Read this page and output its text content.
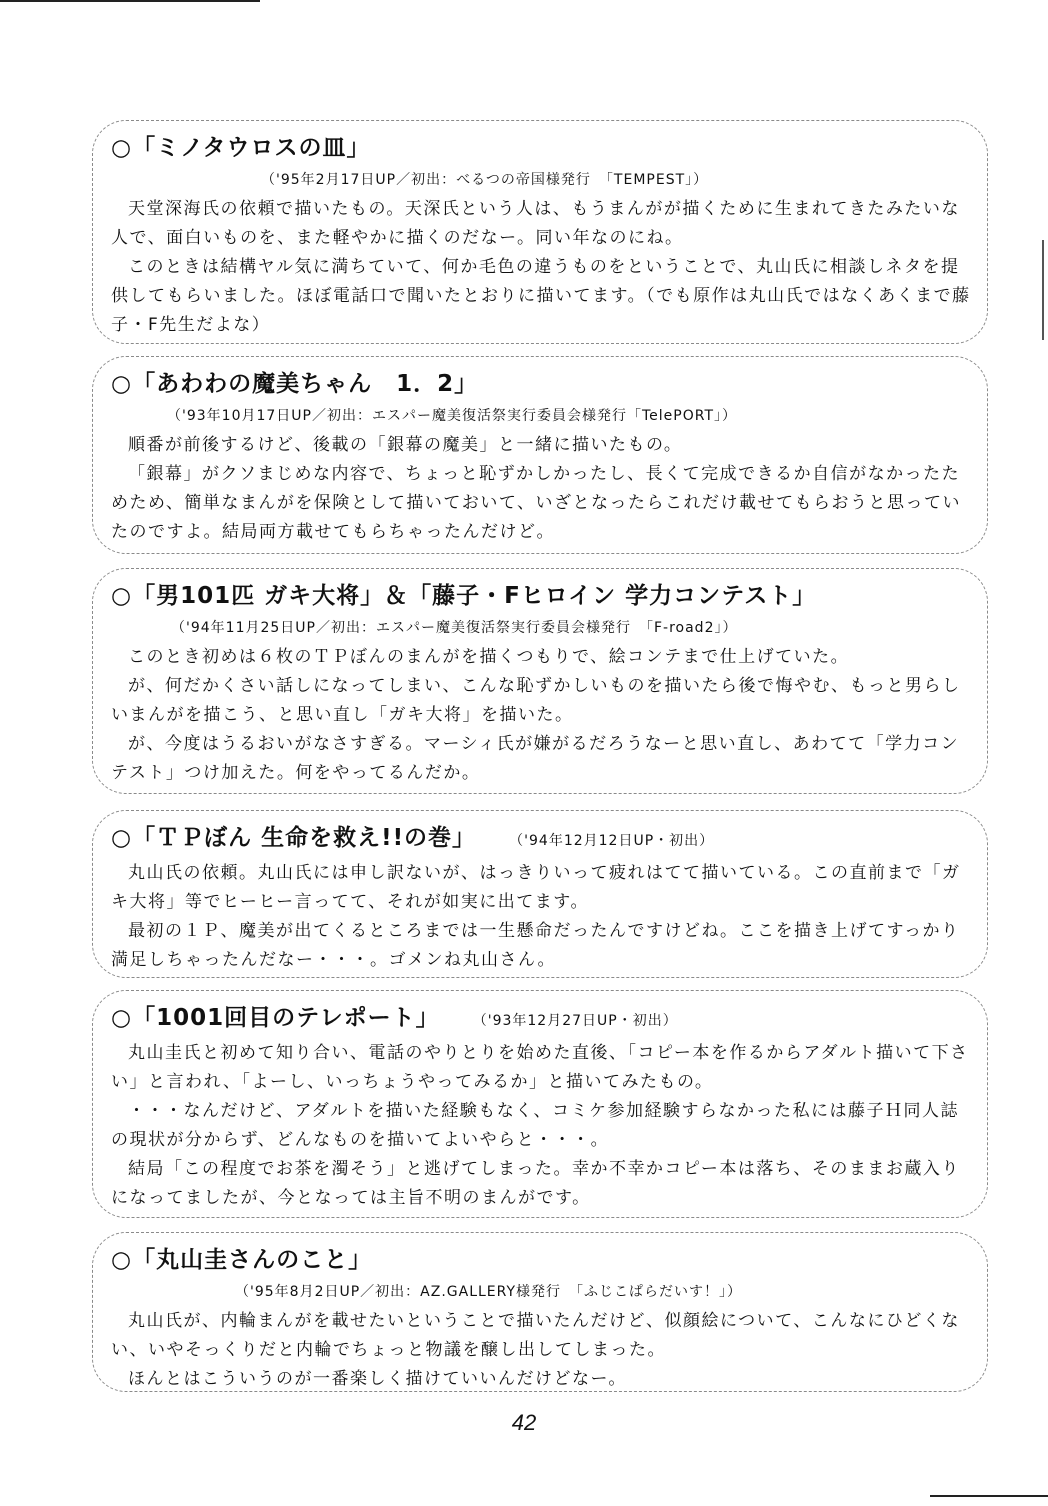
○「ミノタウロスの皿」
（'95年2月17日UP／初出：べるつの帝国様発行　「TEMPEST」）

天堂深海氏の依頼で描いたもの。天深氏という人は、もうまんがが描くために生まれてきたみたいな人で、面白いものを、また軽やかに描くのだなー。同い年なのにね。

このときは結構ヤル気に満ちていて、何か毛色の違うものをということで、丸山氏に相談しネタを提供してもらいました。ほぼ電話口で聞いたとおりに描いてます。（でも原作は丸山氏ではなくあくまで藤子・F先生だよな）

○「あわわの魔美ちゃん　1．2」
（'93年10月17日UP／初出：エスパー魔美復活祭実行委員会様発行「TelePORT」）

順番が前後するけど、後載の「銀幕の魔美」と一緒に描いたもの。

「銀幕」がクソまじめな内容で、ちょっと恥ずかしかったし、長くて完成できるか自信がなかったためため、簡単なまんがを保険として描いておいて、いざとなったらこれだけ載せてもらおうと思っていたのですよ。結局両方載せてもらちゃったんだけど。

○「男101匹 ガキ大将」＆「藤子・Fヒロイン 学力コンテスト」
（'94年11月25日UP／初出：エスパー魔美復活祭実行委員会様発行　「F-road2」）

このとき初めは６枚のＴＰぼんのまんがを描くつもりで、絵コンテまで仕上げていた。

が、何だかくさい話しになってしまい、こんな恥ずかしいものを描いたら後で悔やむ、もっと男らしいまんがを描こう、と思い直し「ガキ大将」を描いた。

が、今度はうるおいがなさすぎる。マーシィ氏が嫌がるだろうなーと思い直し、あわてて「学力コンテスト」つけ加えた。何をやってるんだか。

○「ＴＰぼん 生命を救え!!の巻」 （'94年12月12日UP・初出）

丸山氏の依頼。丸山氏には申し訳ないが、はっきりいって疲れはてて描いている。この直前まで「ガキ大将」等でヒーヒー言ってて、それが如実に出てます。

最初の１Ｐ、魔美が出てくるところまでは一生懸命だったんですけどね。ここを描き上げてすっかり満足しちゃったんだなー・・・。ゴメンね丸山さん。

○「1001回目のテレポート」 （'93年12月27日UP・初出）

丸山圭氏と初めて知り合い、電話のやりとりを始めた直後、「コピー本を作るからアダルト描いて下さい」と言われ、「よーし、いっちょうやってみるか」と描いてみたもの。

・・・なんだけど、アダルトを描いた経験もなく、コミケ参加経験すらなかった私には藤子Ｈ同人誌の現状が分からず、どんなものを描いてよいやらと・・・。

結局「この程度でお茶を濁そう」と逃げてしまった。幸か不幸かコピー本は落ち、そのままお蔵入りになってましたが、今となっては主旨不明のまんがです。

○「丸山圭さんのこと」
（'95年8月2日UP／初出：AZ.GALLERY様発行　「ふじこぱらだいす！」）

丸山氏が、内輪まんがを載せたいということで描いたんだけど、似顔絵について、こんなにひどくない、いやそっくりだと内輪でちょっと物議を醸し出してしまった。

ほんとはこういうのが一番楽しく描けていいんだけどなー。

42
